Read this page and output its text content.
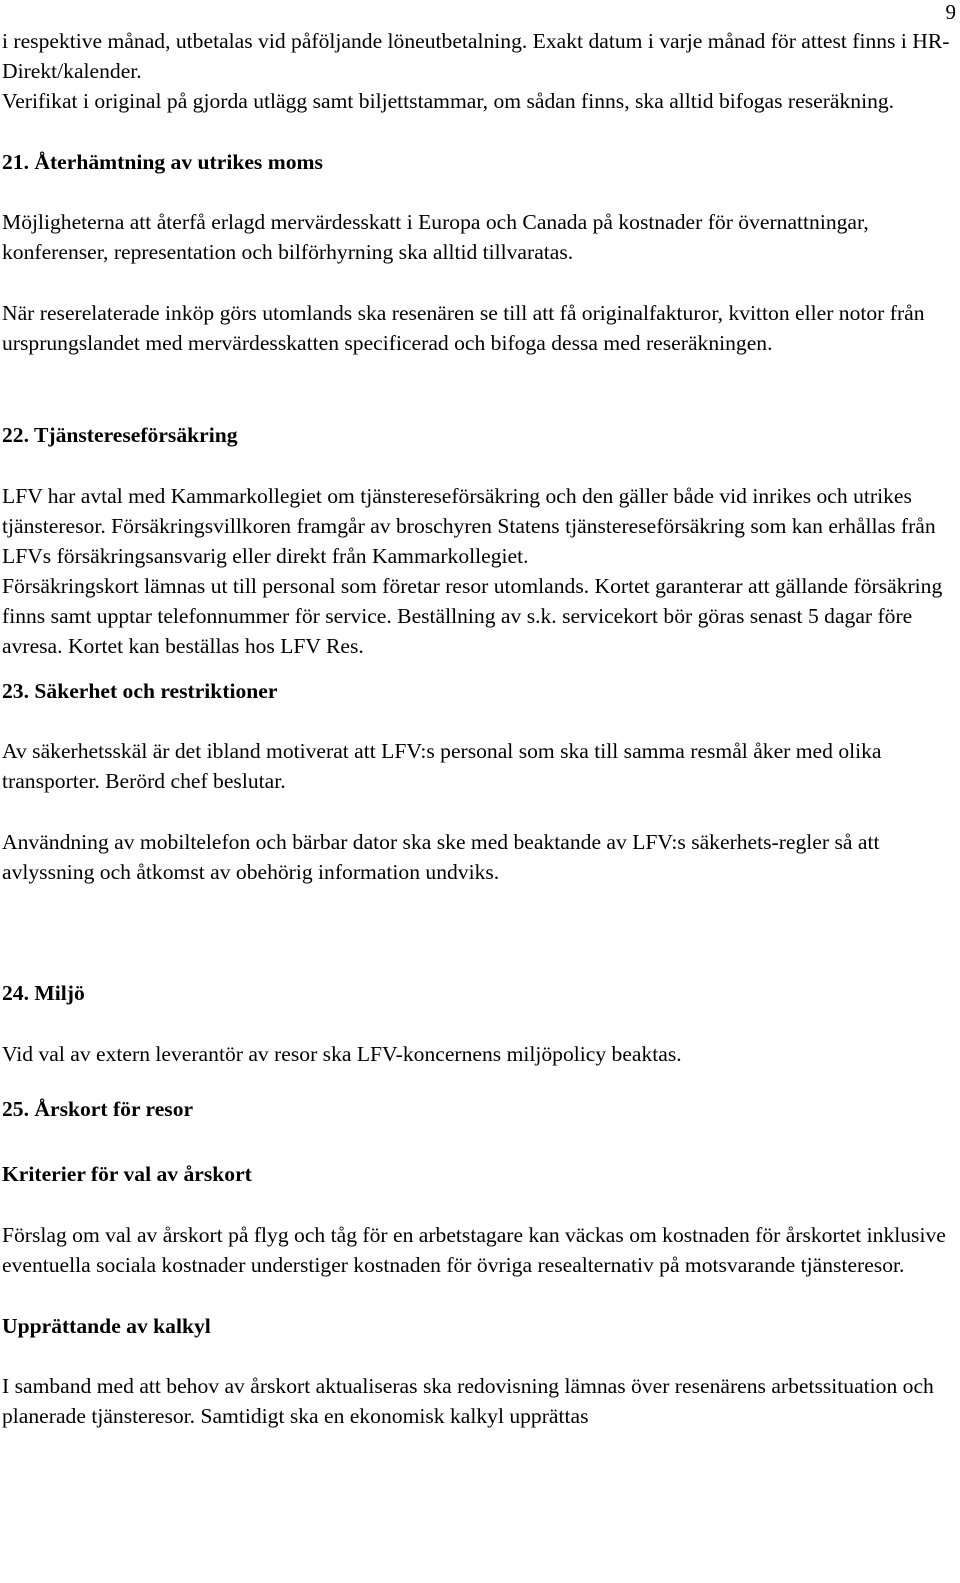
9

i respektive månad, utbetalas vid påföljande löneutbetalning. Exakt datum i varje månad för attest finns i HR-Direkt/kalender.

Verifikat i original på gjorda utlägg samt biljettstammar, om sådan finns, ska alltid bifogas reseräkning.

21. Återhämtning av utrikes moms

Möjligheterna att återfå erlagd mervärdesskatt i Europa och Canada på kostnader för övernattningar, konferenser, representation och bilförhyrning ska alltid tillvaratas.

När reserelaterade inköp görs utomlands ska resenären se till att få originalfakturor, kvitton eller notor från ursprungslandet med mervärdesskatten specificerad och bifoga dessa med reseräkningen.

22. Tjänstereseförsäkring

LFV har avtal med Kammarkollegiet om tjänstereseförsäkring och den gäller både vid inrikes och utrikes tjänsteresor. Försäkringsvillkoren framgår av broschyren Statens tjänstereseförsäkring som kan erhållas från LFVs försäkringsansvarig eller direkt från Kammarkollegiet.

Försäkringskort lämnas ut till personal som företar resor utomlands. Kortet garanterar att gällande försäkring finns samt upptar telefonnummer för service. Beställning av s.k. servicekort bör göras senast 5 dagar före avresa. Kortet kan beställas hos LFV Res.

23. Säkerhet och restriktioner

Av säkerhetsskäl är det ibland motiverat att LFV:s personal som ska till samma resmål åker med olika transporter. Berörd chef beslutar.

Användning av mobiltelefon och bärbar dator ska ske med beaktande av LFV:s säkerhets-regler så att avlyssning och åtkomst av obehörig information undviks.

24. Miljö

Vid val av extern leverantör av resor ska LFV-koncernens miljöpolicy beaktas.

25. Årskort för resor
Kriterier för val av årskort

Förslag om val av årskort på flyg och tåg för en arbetstagare kan väckas om kostnaden för årskortet inklusive eventuella sociala kostnader understiger kostnaden för övriga resealternativ på motsvarande tjänsteresor.

Upprättande av kalkyl

I samband med att behov av årskort aktualiseras ska redovisning lämnas över resenärens arbetssituation och planerade tjänsteresor. Samtidigt ska en ekonomisk kalkyl upprättas
